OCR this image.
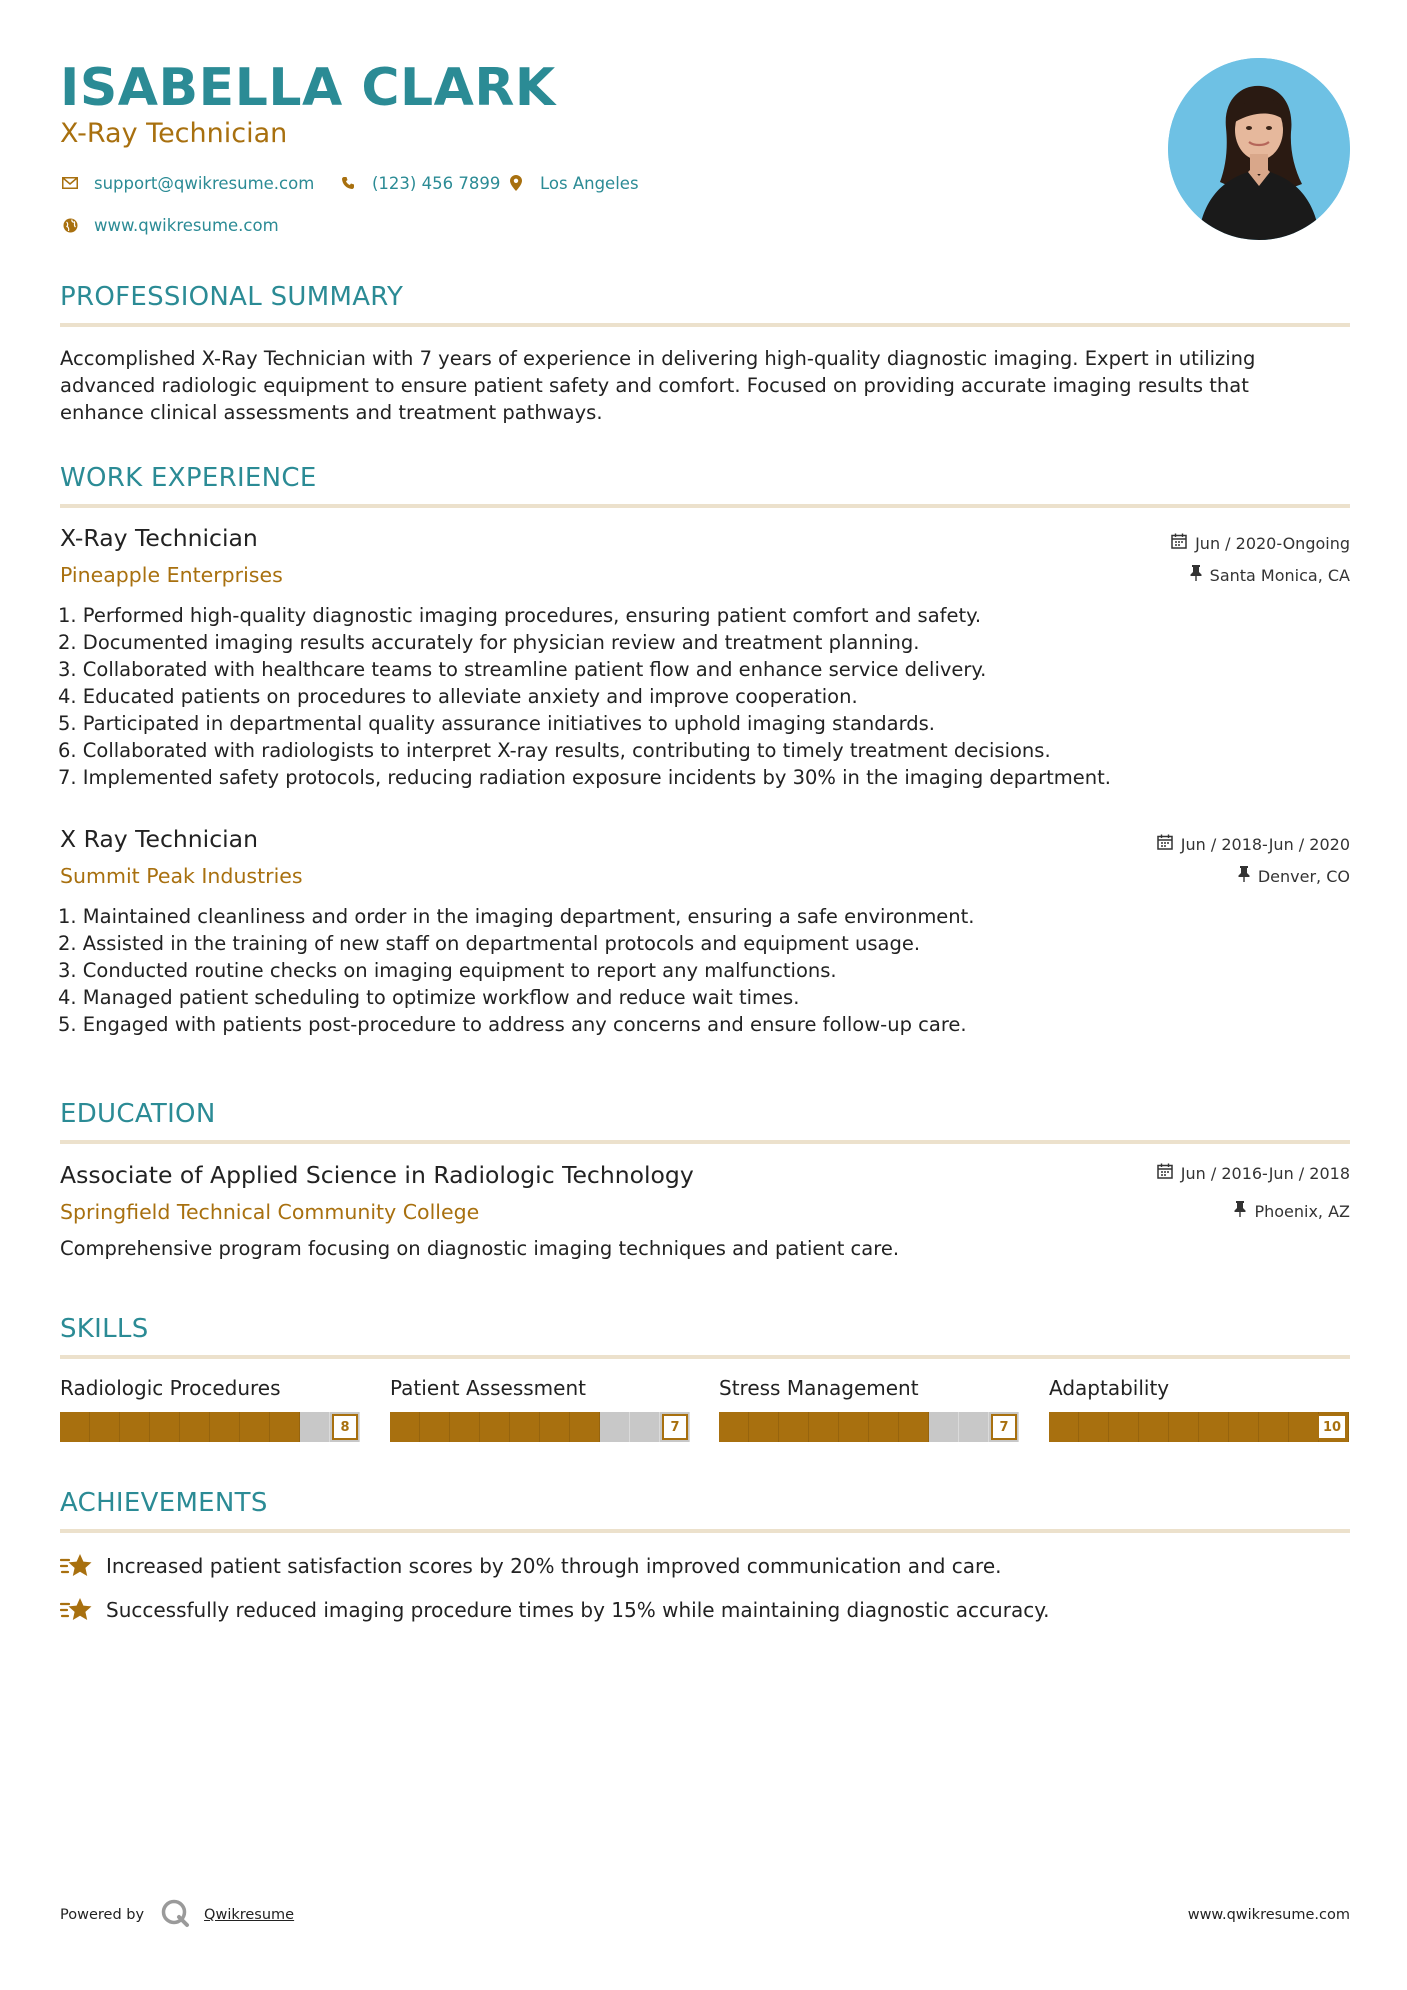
ISABELLA CLARK
X-Ray Technician
support@qwikresume.com	(123) 456 7899 Los Angeles
www.qwikresume.com
PROFESSIONAL SUMMARY
Accomplished X-Ray Technician with 7 years of experience in delivering high-quality diagnostic imaging. Expert in utilizing
advanced radiologic equipment to ensure patient safety and comfort. Focused on providing accurate imaging results that
enhance clinical assessments and treatment pathways.
WORK EXPERIENCE
X-Ray Technician
Pineapple Enterprises
Jun / 2020-Ongoing
Santa Monica, CA
1. Performed high-quality diagnostic imaging procedures, ensuring patient comfort and safety.
2. Documented imaging results accurately for physician review and treatment planning.
3. Collaborated with healthcare teams to streamline patient flow and enhance service delivery.
4. Educated patients on procedures to alleviate anxiety and improve cooperation.
5. Participated in departmental quality assurance initiatives to uphold imaging standards.
6. Collaborated with radiologists to interpret X-ray results, contributing to timely treatment decisions.
7. Implemented safety protocols, reducing radiation exposure incidents by 30% in the imaging department.
X Ray Technician
Summit Peak Industries
Jun / 2018-Jun / 2020
Denver, CO
1. Maintained cleanliness and order in the imaging department, ensuring a safe environment.
2. Assisted in the training of new staff on departmental protocols and equipment usage.
3. Conducted routine checks on imaging equipment to report any malfunctions.
4. Managed patient scheduling to optimize workflow and reduce wait times.
5. Engaged with patients post-procedure to address any concerns and ensure follow-up care.
EDUCATION
Associate of Applied Science in Radiologic Technology
Springfield Technical Community College
Jun / 2016-Jun / 2018
Phoenix, AZ
Comprehensive program focusing on diagnostic imaging techniques and patient care.
SKILLS
Radiologic Procedures
8
Patient Assessment
7
Stress Management
7
Adaptability
10
ACHIEVEMENTS
Increased patient satisfaction scores by 20% through improved communication and care.
Successfully reduced imaging procedure times by 15% while maintaining diagnostic accuracy.
Powered by	Qwikresume	www.qwikresume.com
